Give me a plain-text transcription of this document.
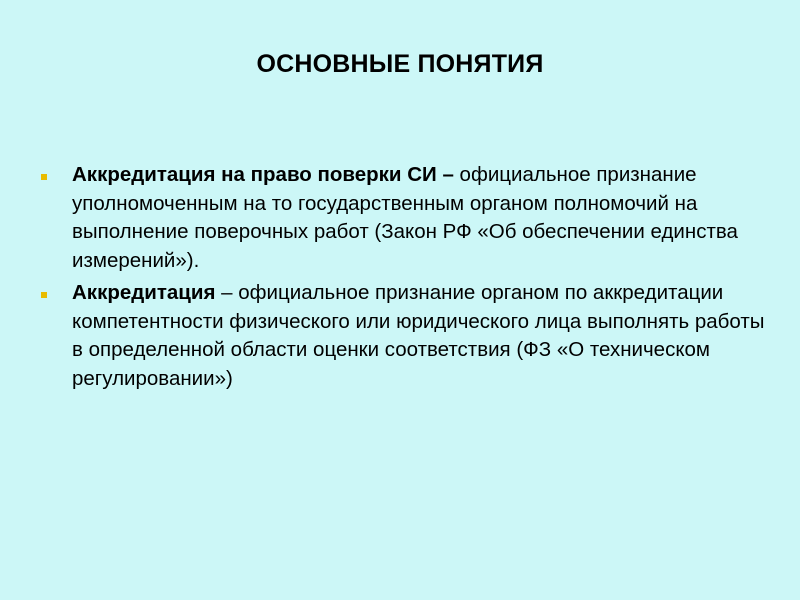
ОСНОВНЫЕ ПОНЯТИЯ
Аккредитация на право поверки СИ – официальное признание уполномоченным на то государственным органом полномочий на выполнение поверочных работ (Закон РФ «Об обеспечении единства измерений»).
Аккредитация – официальное признание органом по аккредитации компетентности физического или юридического лица выполнять работы в определенной области оценки соответствия (ФЗ «О техническом регулировании»)
